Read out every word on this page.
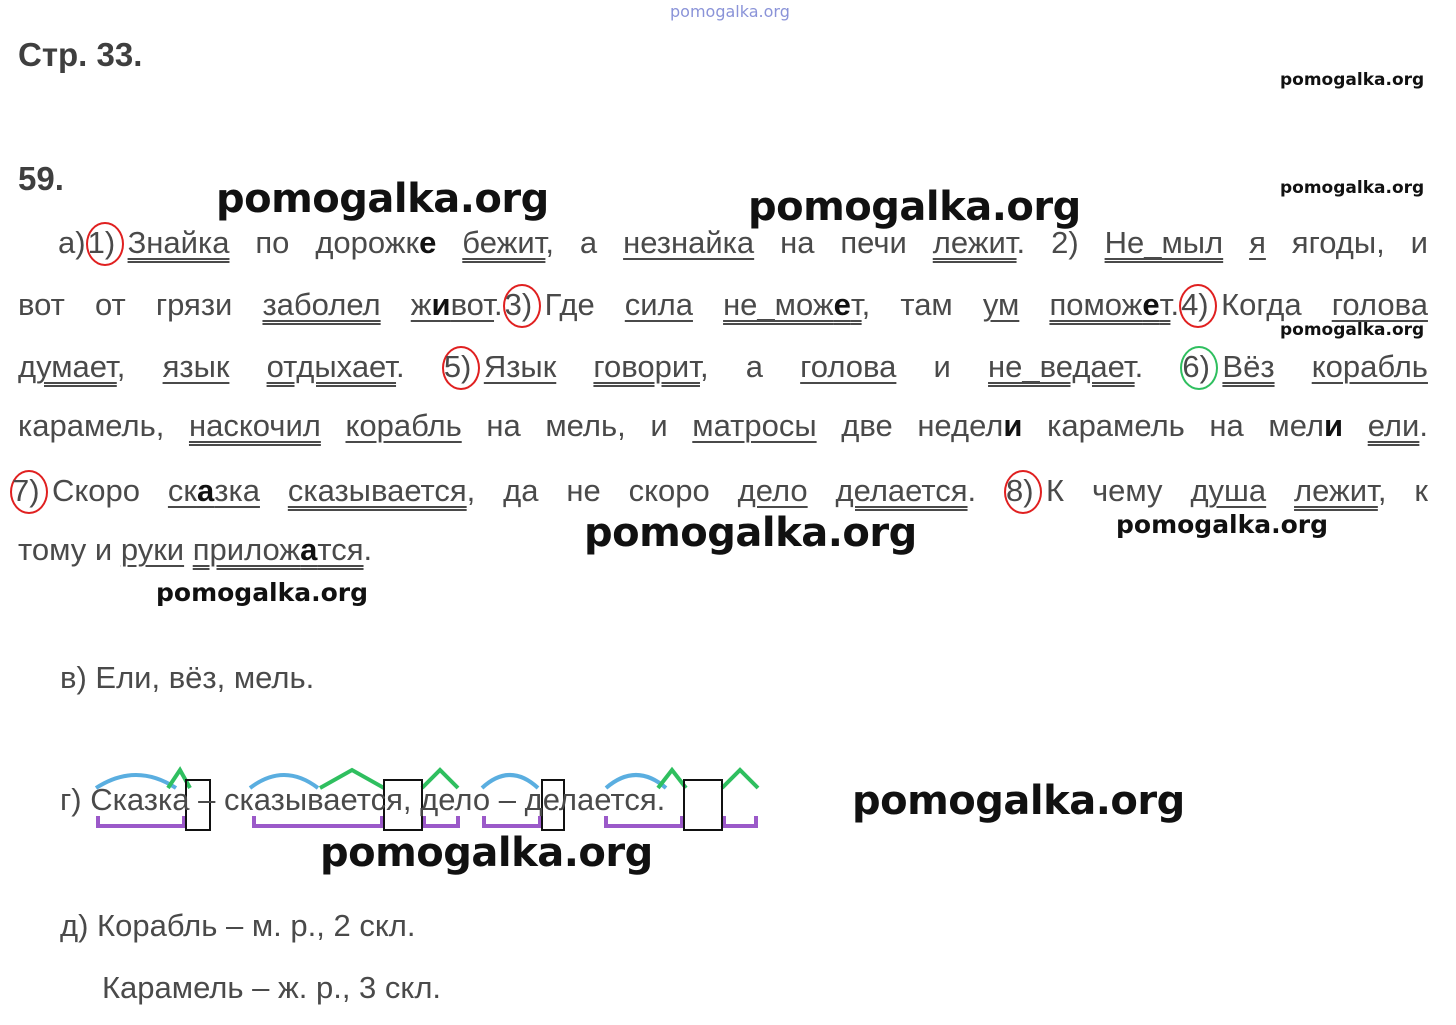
pomogalka.org
Стр. 33.
pomogalka.org
59.	pomogalka.org
pomogalka.org	pomogalka.org
а)1) Знайка по дорожке бежит, а незнайка на печи лежит. 2) Не_мыл я ягоды, и
вот от грязи заболел живот.3) Где сила не_может, там ум поможет.4) Когда голова
pomogalka.org
думает, язык отдыхает. 5) Язык говорит, а голова и не_ведает. 6) Вёз корабль
карамель, наскочил корабль на мель, и матросы две недели карамель на мели ели.
7) Скоро сказка сказывается, да не скоро дело делается. 8) К чему душа лежит, к
тому и руки приложатся.	pomogalka.org	pomogalka.org
pomogalka.org
в) Ели, вёз, мель.
г) Сказка – сказывается, дело – делается.	pomogalka.org
pomogalka.org
д) Корабль – м. р., 2 скл.
Карамель – ж. р., 3 скл.
